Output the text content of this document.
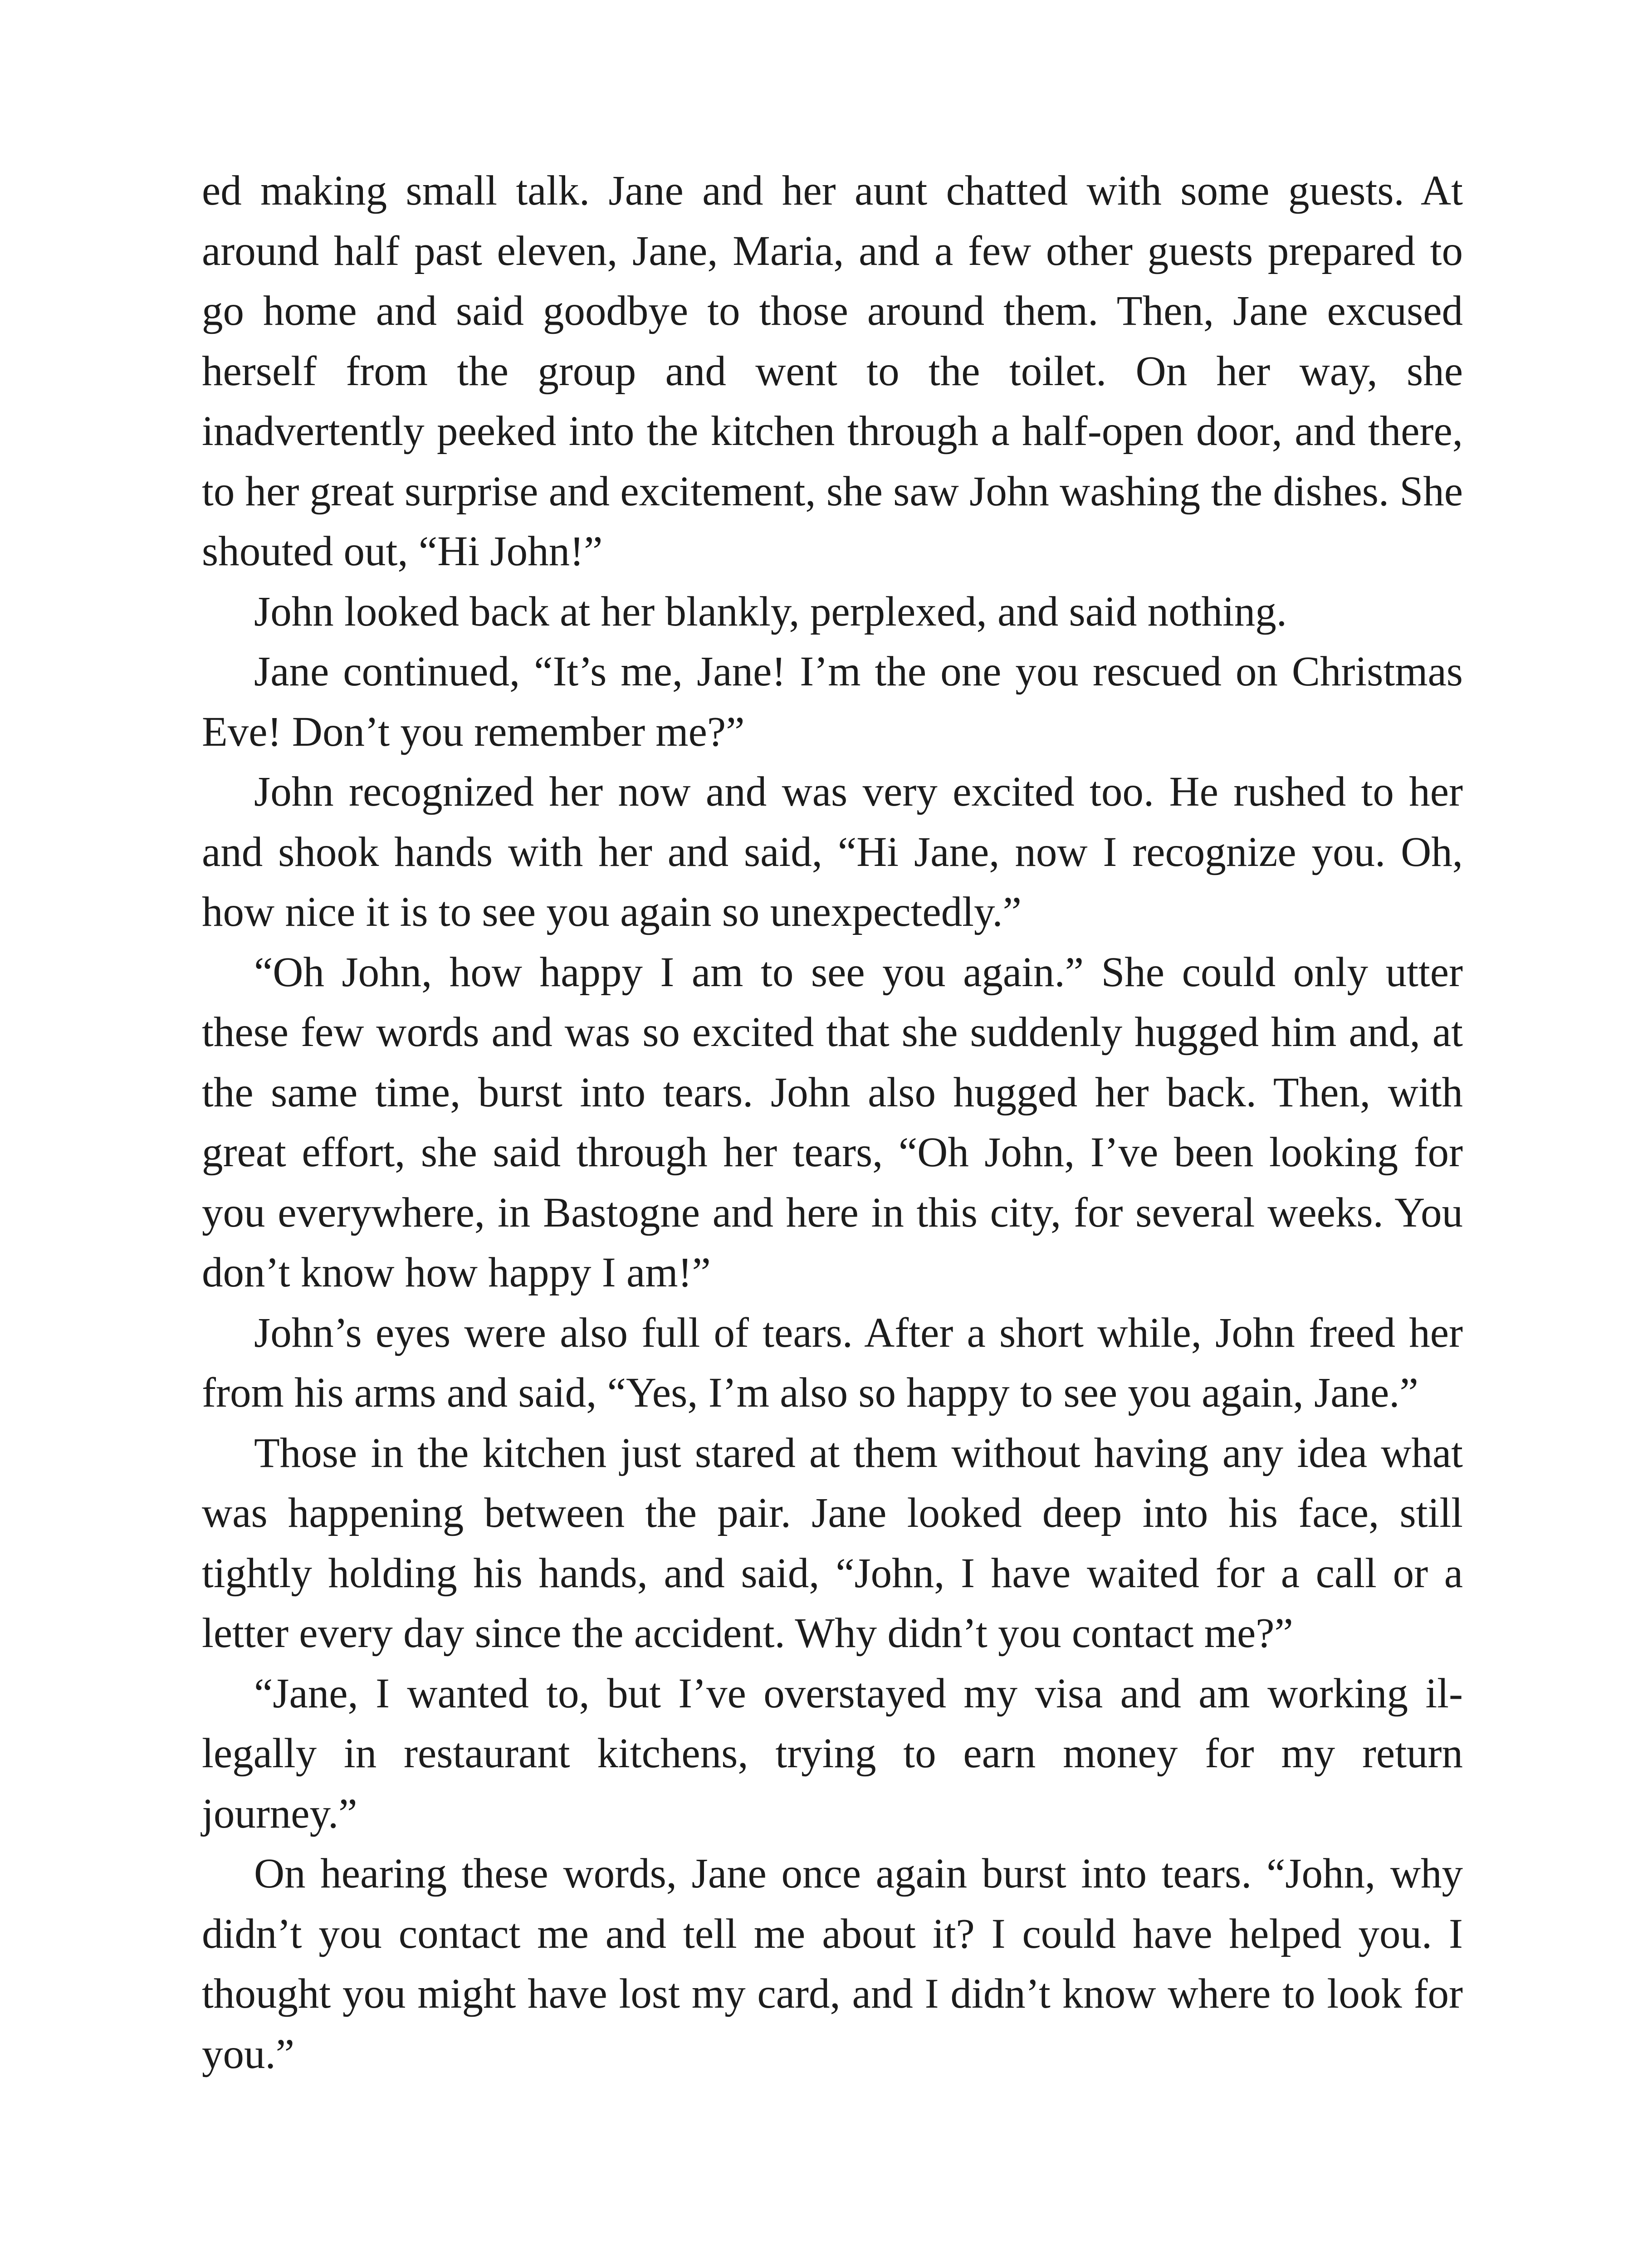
ed making small talk. Jane and her aunt chatted with some guests. At around half past eleven, Jane, Maria, and a few other guests prepared to go home and said goodbye to those around them. Then, Jane excused herself from the group and went to the toilet. On her way, she inadvertently peeked into the kitchen through a half-open door, and there, to her great surprise and excitement, she saw John washing the dishes. She shouted out, “Hi John!”

John looked back at her blankly, perplexed, and said nothing.

Jane continued, “It’s me, Jane! I’m the one you rescued on Christmas Eve! Don’t you remember me?”

John recognized her now and was very excited too. He rushed to her and shook hands with her and said, “Hi Jane, now I recognize you. Oh, how nice it is to see you again so unexpectedly.”

“Oh John, how happy I am to see you again.” She could only utter these few words and was so excited that she suddenly hugged him and, at the same time, burst into tears. John also hugged her back. Then, with great effort, she said through her tears, “Oh John, I’ve been looking for you everywhere, in Bastogne and here in this city, for several weeks. You don’t know how happy I am!”

John’s eyes were also full of tears. After a short while, John freed her from his arms and said, “Yes, I’m also so happy to see you again, Jane.”

Those in the kitchen just stared at them without having any idea what was happening between the pair. Jane looked deep into his face, still tightly holding his hands, and said, “John, I have waited for a call or a letter every day since the accident. Why didn’t you contact me?”

“Jane, I wanted to, but I’ve overstayed my visa and am working illegally in restaurant kitchens, trying to earn money for my return journey.”

On hearing these words, Jane once again burst into tears. “John, why didn’t you contact me and tell me about it? I could have helped you. I thought you might have lost my card, and I didn’t know where to look for you.”
